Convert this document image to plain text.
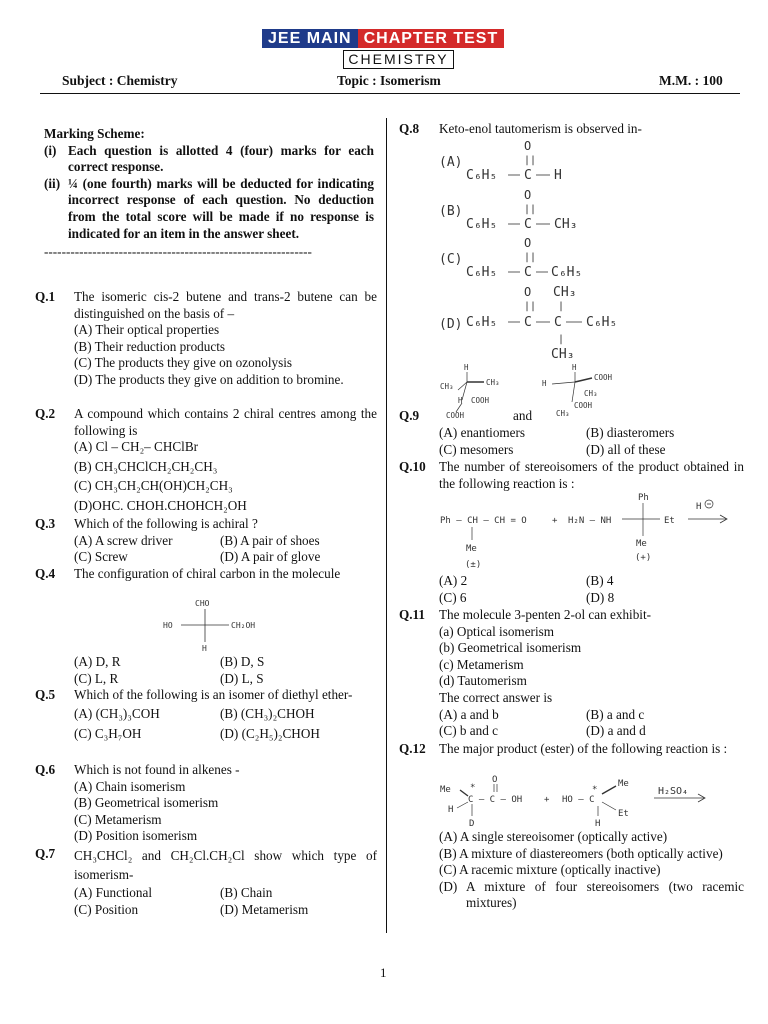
JEE MAIN CHAPTER TEST
CHEMISTRY
Subject : Chemistry	Topic : Isomerism	M.M. : 100
Marking Scheme:
(i) Each question is allotted 4 (four) marks for each correct response.
(ii) ¼ (one fourth) marks will be deducted for indicating incorrect response of each question. No deduction from the total score will be made if no response is indicated for an item in the answer sheet.
-------------------------------------------------------------
Q.1 The isomeric cis-2 butene and trans-2 butene can be distinguished on the basis of –
(A) Their optical properties
(B) Their reduction products
(C) The products they give on ozonolysis
(D) The products they give on addition to bromine.
Q.2 A compound which contains 2 chiral centres among the following is
(A) Cl – CH₂– CHClBr
(B) CH₃CHClCH₂CH₂CH₃
(C) CH₃CH₂CH(OH)CH₂CH₃
(D)OHC. CHOH.CHOHCH₂OH
Q.3 Which of the following is achiral ?
(A) A screw driver	(B) A pair of shoes
(C) Screw	(D) A pair of glove
Q.4 The configuration of chiral carbon in the molecule
CHO
HO	CH₂OH
H
(A) D, R	(B) D, S
(C) L, R	(D) L, S
Q.5 Which of the following is an isomer of diethyl ether-
(A) (CH₃)₃COH	(B) (CH₃)₂CHOH
(C) C₃H₇OH	(D) (C₂H₅)₂CHOH
Q.6 Which is not found in alkenes -
(A) Chain isomerism
(B) Geometrical isomerism
(C) Metamerism
(D) Position isomerism
Q.7 CH₃CHCl₂ and CH₂Cl.CH₂Cl show which type of isomerism-
(A) Functional	(B) Chain
(C) Position	(D) Metamerism
Q.8 Keto-enol tautomerism is observed in-
(A)
O
||
C₆H₅ C H
(B)
O
||
C₆H₅ C CH₃
(C)
O
||
C₆H₅ C C₆H₅
(D)
O
||
CH₃
|
C₆H₅ C C C₆H₅
|
CH₃
H
CH₃	CH₃
H COOH
COOH
H
COOH
H
CH₃
COOH
CH₃
Q.9	and
(A) enantiomers	(B) diasteromers
(C) mesomers	(D) all of these
Q.10 The number of stereoisomers of the product obtained in the following reaction is :
Ph – CH – CH = O
Me
(±)
+ H₂N – NH
Ph
Et
Me
(+)
H
(A) 2	(B) 4
(C) 6	(D) 8
Q.11 The molecule 3-penten 2-ol can exhibit-
(a) Optical isomerism
(b) Geometrical isomerism
(c) Metamerism
(d) Tautomerism
The correct answer is
(A) a and b	(B) a and c
(C) b and c	(D) a and d
Q.12 The major product (ester) of the following reaction is :
Me *
O
C – C – OH
H
D
+ HO – C
*
Me
Et
H
H₂SO₄
(A) A single stereoisomer (optically active)
(B) A mixture of diastereomers (both optically active)
(C) A racemic mixture (optically inactive)
(D) A mixture of four stereoisomers (two racemic mixtures)
1
